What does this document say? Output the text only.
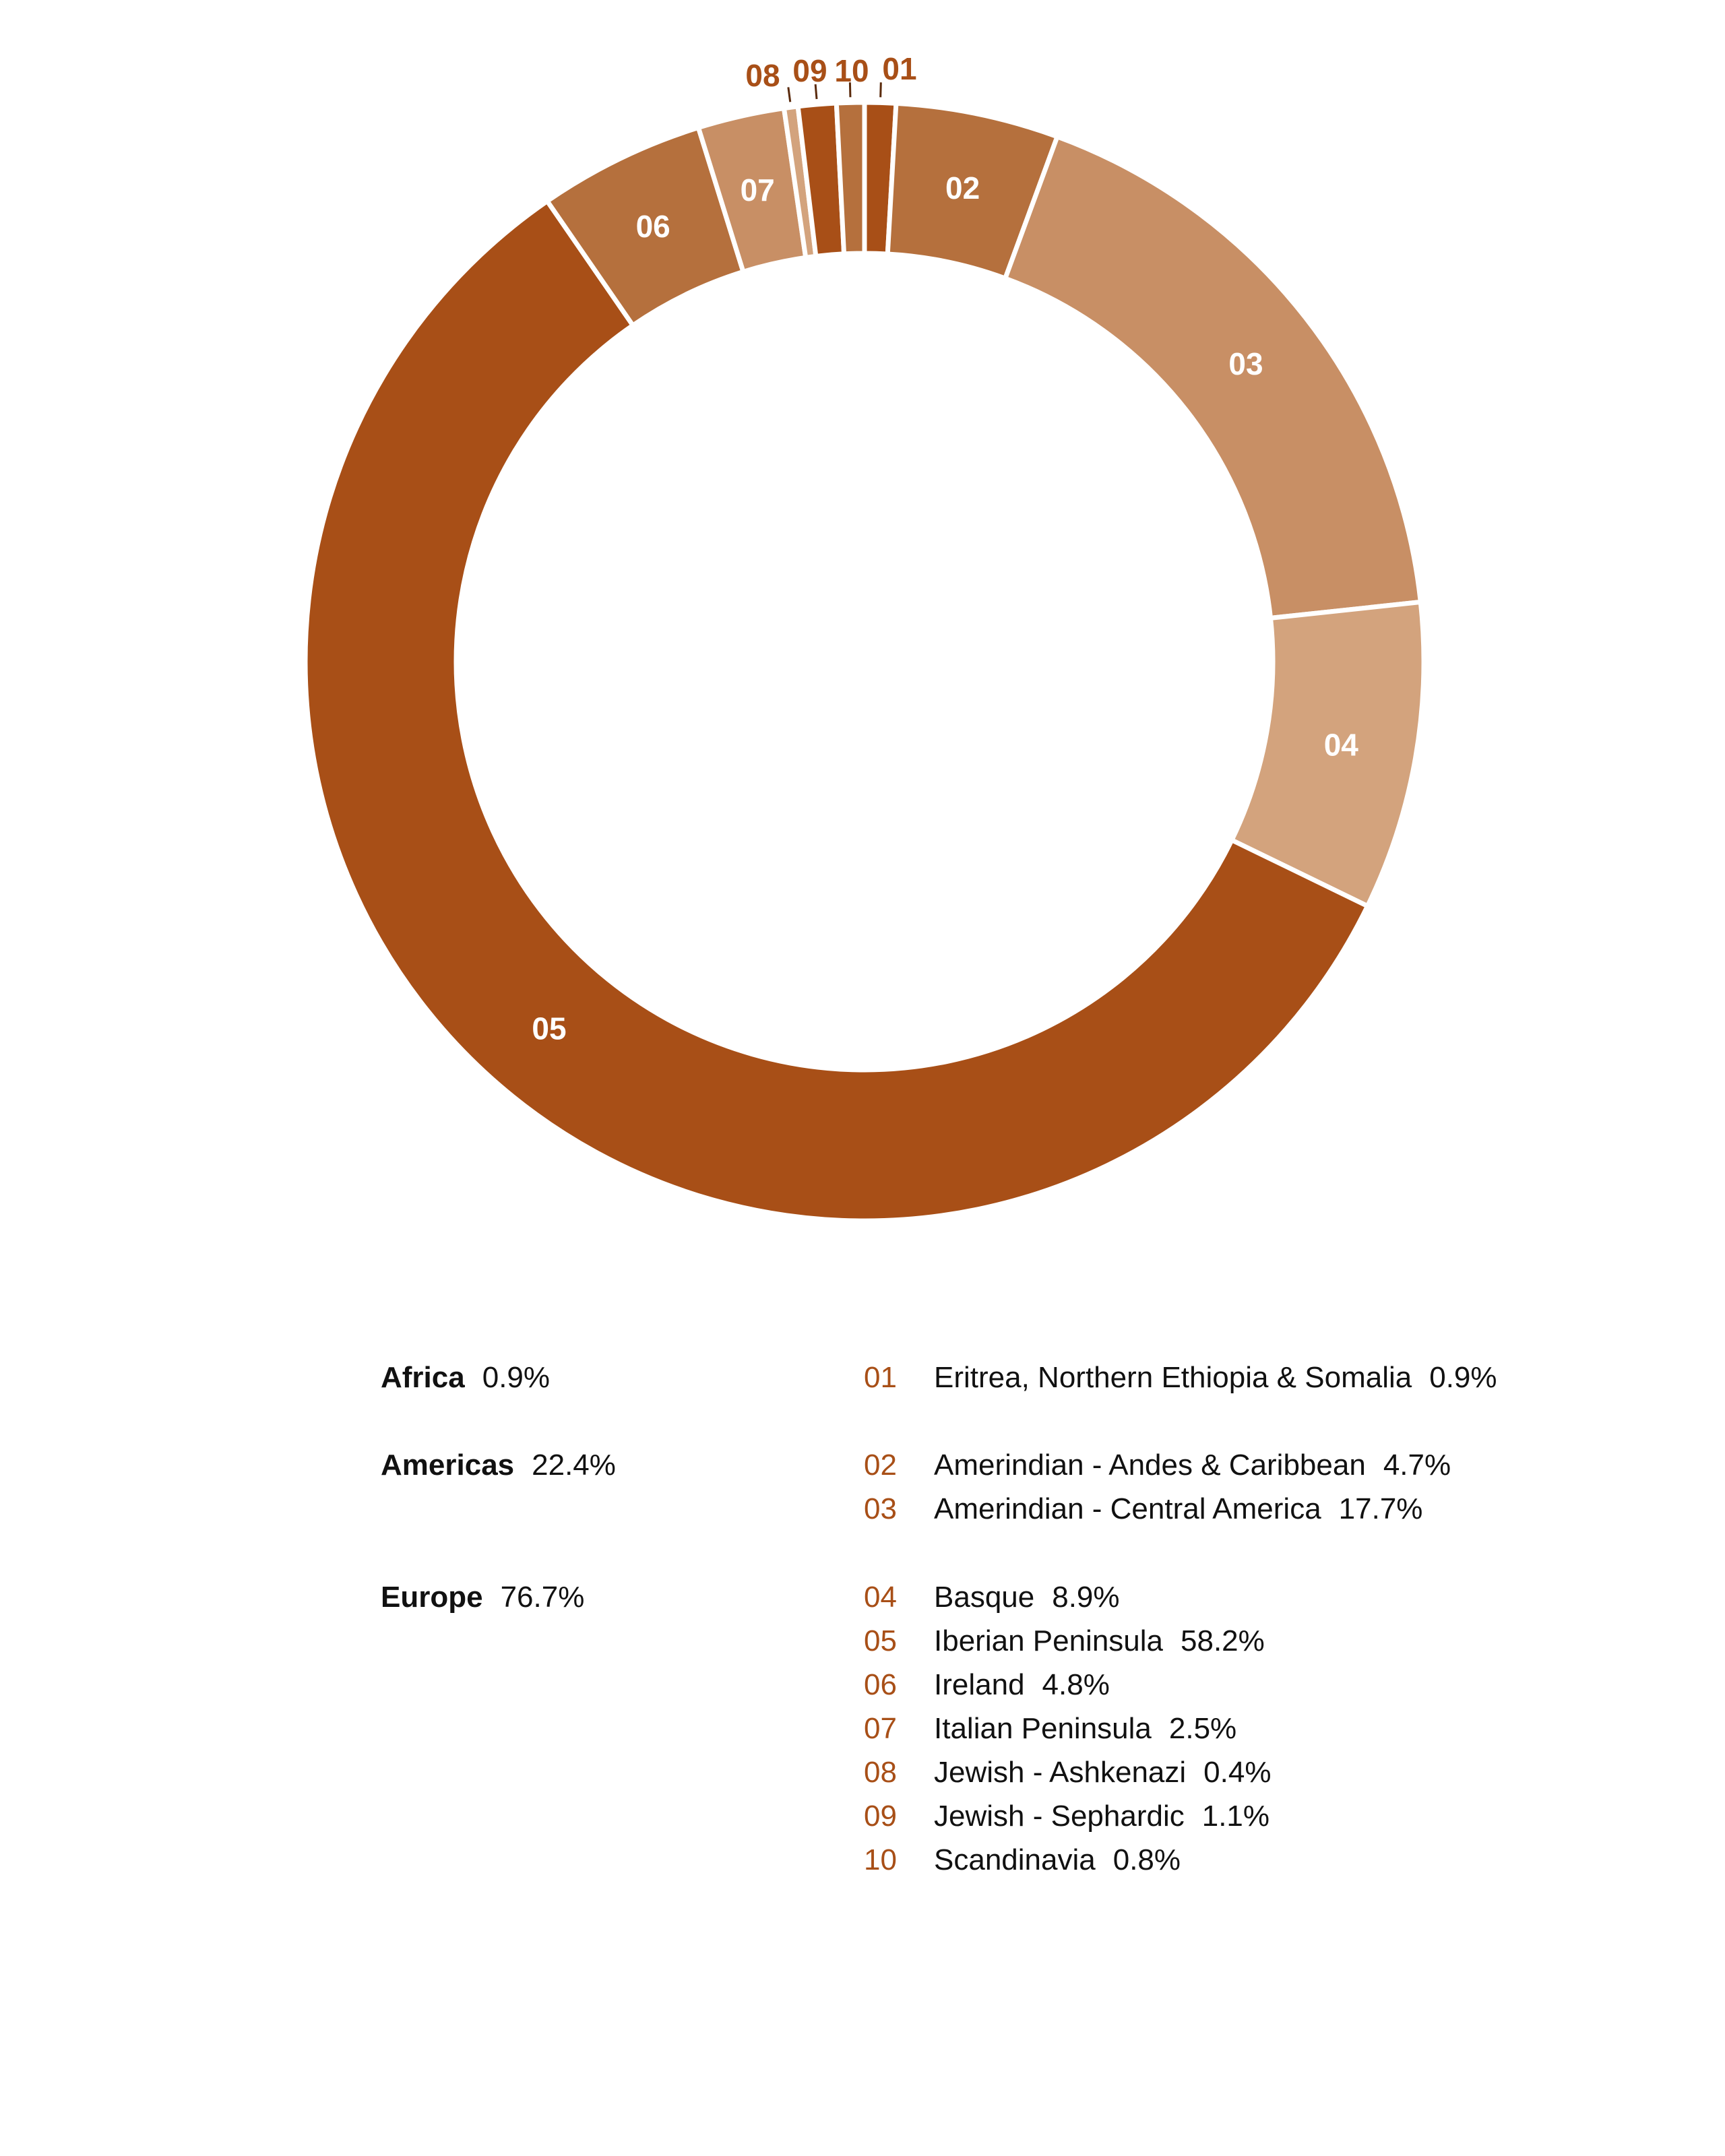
01
02
03
04
05
06
07
08 09 10
Africa 0.9%
Americas 22.4%
Europe 76.7%
01 Eritrea, Northern Ethiopia & Somalia 0.9%
02 Amerindian - Andes & Caribbean 4.7%
03 Amerindian - Central America 17.7%
04 Basque 8.9%
05 Iberian Peninsula 58.2%
06 Ireland 4.8%
07 Italian Peninsula 2.5%
08 Jewish - Ashkenazi 0.4%
09 Jewish - Sephardic 1.1%
10 Scandinavia 0.8%
